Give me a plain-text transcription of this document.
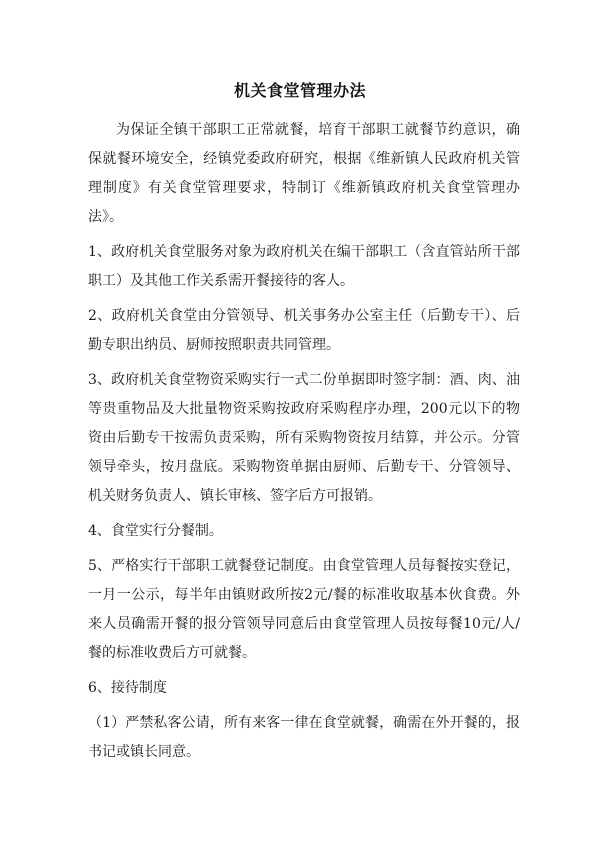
机关食堂管理办法

为保证全镇干部职工正常就餐，培育干部职工就餐节约意识，确保就餐环境安全，经镇党委政府研究，根据《维新镇人民政府机关管理制度》有关食堂管理要求，特制订《维新镇政府机关食堂管理办法》。

1、政府机关食堂服务对象为政府机关在编干部职工（含直管站所干部职工）及其他工作关系需开餐接待的客人。

2、政府机关食堂由分管领导、机关事务办公室主任（后勤专干）、后勤专职出纳员、厨师按照职责共同管理。

3、政府机关食堂物资采购实行一式二份单据即时签字制：酒、肉、油等贵重物品及大批量物资采购按政府采购程序办理，200元以下的物资由后勤专干按需负责采购，所有采购物资按月结算，并公示。分管领导牵头，按月盘底。采购物资单据由厨师、后勤专干、分管领导、机关财务负责人、镇长审核、签字后方可报销。

4、食堂实行分餐制。

5、严格实行干部职工就餐登记制度。由食堂管理人员每餐按实登记，一月一公示，每半年由镇财政所按2元/餐的标准收取基本伙食费。外来人员确需开餐的报分管领导同意后由食堂管理人员按每餐10元/人/餐的标准收费后方可就餐。

6、接待制度

（1）严禁私客公请，所有来客一律在食堂就餐，确需在外开餐的，报书记或镇长同意。
